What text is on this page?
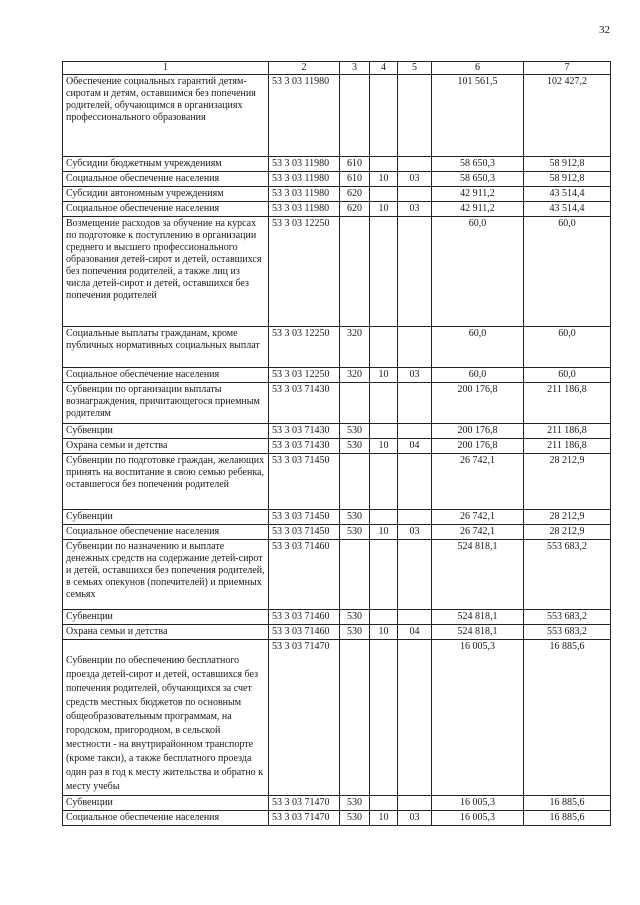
32
1	2	3	4	5	6	7
Обеспечение социальных гарантий детям-сиротам и детям, оставшимся без попечения родителей, обучающимся в организациях профессионального образования	53 3 03 11980				101 561,5	102 427,2
Субсидии бюджетным учреждениям	53 3 03 11980	610			58 650,3	58 912,8
Социальное обеспечение населения	53 3 03 11980	610	10	03	58 650,3	58 912,8
Субсидии автономным учреждениям	53 3 03 11980	620			42 911,2	43 514,4
Социальное обеспечение населения	53 3 03 11980	620	10	03	42 911,2	43 514,4
Возмещение расходов за обучение на курсах по подготовке к поступлению в организации среднего и высшего профессионального образования детей-сирот и детей, оставшихся без попечения родителей, а также лиц из числа детей-сирот и детей, оставшихся без попечения родителей	53 3 03 12250				60,0	60,0
Социальные выплаты гражданам, кроме публичных нормативных социальных выплат	53 3 03 12250	320			60,0	60,0
Социальное обеспечение населения	53 3 03 12250	320	10	03	60,0	60,0
Субвенции по организации выплаты вознаграждения, причитающегося приемным родителям	53 3 03 71430				200 176,8	211 186,8
Субвенции	53 3 03 71430	530			200 176,8	211 186,8
Охрана семьи и детства	53 3 03 71430	530	10	04	200 176,8	211 186,8
Субвенции по подготовке граждан, желающих принять на воспитание в свою семью ребенка, оставшегося без попечения родителей	53 3 03 71450				26 742,1	28 212,9
Субвенции	53 3 03 71450	530			26 742,1	28 212,9
Социальное обеспечение населения	53 3 03 71450	530	10	03	26 742,1	28 212,9
Субвенции по назначению и выплате денежных средств на содержание детей-сирот и детей, оставшихся без попечения родителей, в семьях опекунов (попечителей) и приемных семьях	53 3 03 71460				524 818,1	553 683,2
Субвенции	53 3 03 71460	530			524 818,1	553 683,2
Охрана семьи и детства	53 3 03 71460	530	10	04	524 818,1	553 683,2
Субвенции по обеспечению бесплатного проезда детей-сирот и детей, оставшихся без попечения родителей, обучающихся за счет средств местных бюджетов по основным общеобразовательным программам, на городском, пригородном, в сельской местности - на внутрирайонном транспорте (кроме такси), а также бесплатного проезда один раз в год к месту жительства и обратно к месту учебы	53 3 03 71470				16 005,3	16 885,6
Субвенции	53 3 03 71470	530			16 005,3	16 885,6
Социальное обеспечение населения	53 3 03 71470	530	10	03	16 005,3	16 885,6
